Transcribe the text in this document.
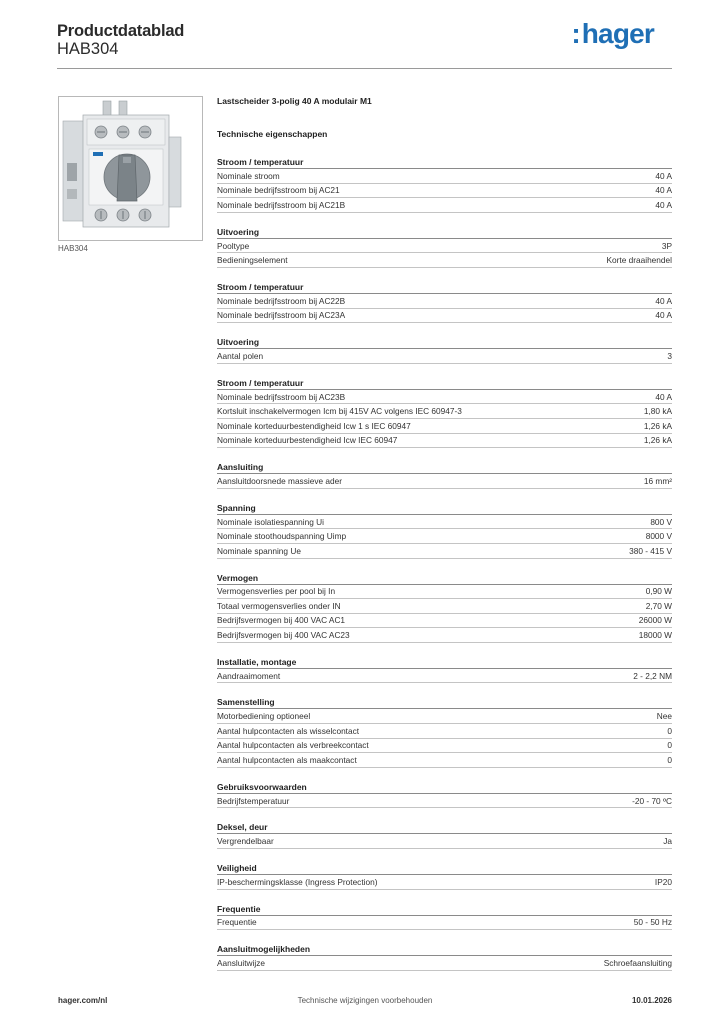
Productdatablad
HAB304	:hager
HAB304
Lastscheider 3-polig 40 A modulair M1
Technische eigenschappen
Stroom / temperatuur
Nominale stroom	40 A
Nominale bedrijfsstroom bij AC21	40 A
Nominale bedrijfsstroom bij AC21B	40 A
Uitvoering
Pooltype	3P
Bedieningselement	Korte draaihendel
Stroom / temperatuur
Nominale bedrijfsstroom bij AC22B	40 A
Nominale bedrijfsstroom bij AC23A	40 A
Uitvoering
Aantal polen	3
Stroom / temperatuur
Nominale bedrijfsstroom bij AC23B	40 A
Kortsluit inschakelvermogen Icm bij 415V AC volgens IEC 60947-3	1,80 kA
Nominale korteduurbestendigheid Icw 1 s IEC 60947	1,26 kA
Nominale korteduurbestendigheid Icw IEC 60947	1,26 kA
Aansluiting
Aansluitdoorsnede massieve ader	16 mm²
Spanning
Nominale isolatiespanning Ui	800 V
Nominale stoothoudspanning Uimp	8000 V
Nominale spanning Ue	380 - 415 V
Vermogen
Vermogensverlies per pool bij In	0,90 W
Totaal vermogensverlies onder IN	2,70 W
Bedrijfsvermogen bij 400 VAC AC1	26000 W
Bedrijfsvermogen bij 400 VAC AC23	18000 W
Installatie, montage
Aandraaimoment	2 - 2,2 NM
Samenstelling
Motorbediening optioneel	Nee
Aantal hulpcontacten als wisselcontact	0
Aantal hulpcontacten als verbreekcontact	0
Aantal hulpcontacten als maakcontact	0
Gebruiksvoorwaarden
Bedrijfstemperatuur	-20 - 70 ºC
Deksel, deur
Vergrendelbaar	Ja
Veiligheid
IP-beschermingsklasse (Ingress Protection)	IP20
Frequentie
Frequentie	50 - 50 Hz
Aansluitmogelijkheden
Aansluitwijze	Schroefaansluiting
hager.com/nl	Technische wijzigingen voorbehouden	10.01.2026
